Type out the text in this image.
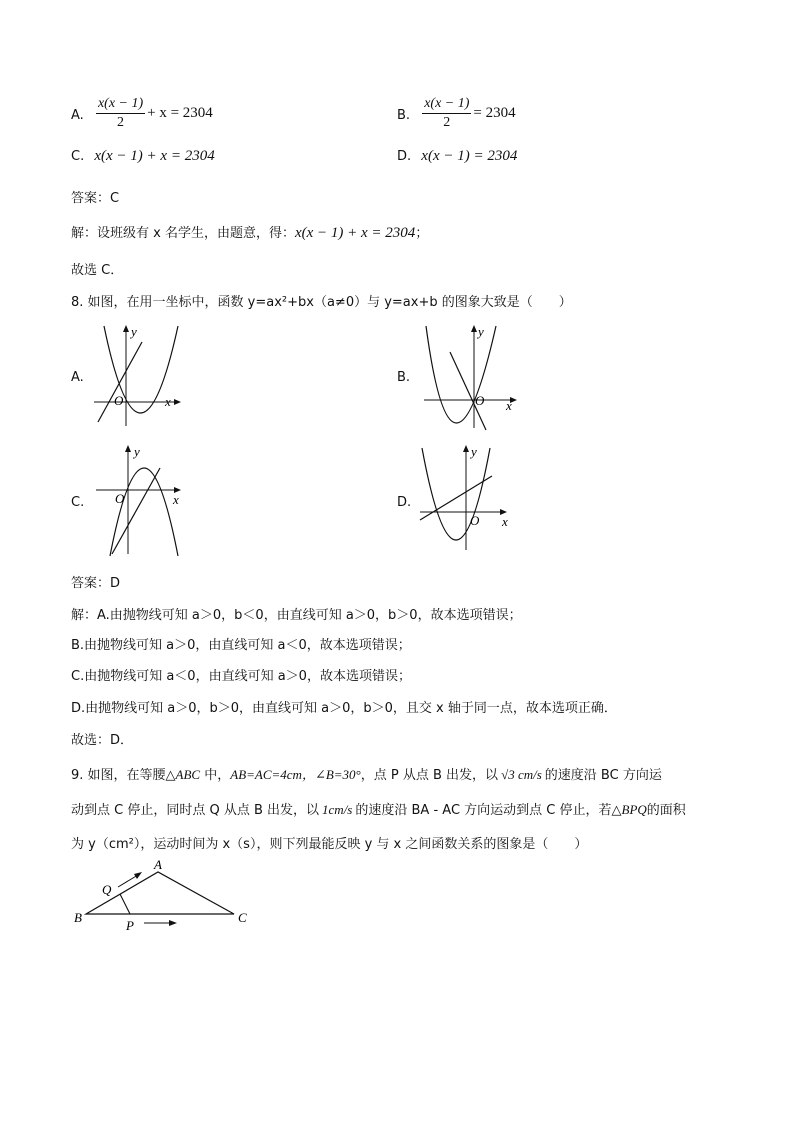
A. $\frac{x(x - 1)}{2} + x = 2304$	B. $\frac{x(x - 1)}{2} = 2304$
C. x(x − 1) + x = 2304	D. x(x − 1) = 2304
答案：C
解：设班级有 x 名学生，由题意，得：x(x − 1) + x = 2304；
故选 C．
8. 如图，在用一坐标中，函数 y=ax²+bx（a≠0）与 y=ax+b 的图象大致是（　　）
A.
y
O	x
B.
y
O x
C.
y
O	x	D.
y
O x
答案：D
解：A.由抛物线可知 a＞0，b＜0，由直线可知 a＞0，b＞0，故本选项错误；
B.由抛物线可知 a＞0，由直线可知 a＜0，故本选项错误；
C.由抛物线可知 a＜0，由直线可知 a＞0，故本选项错误；
D.由抛物线可知 a＞0，b＞0，由直线可知 a＞0，b＞0，且交 x 轴于同一点，故本选项正确．
故选：D．
9. 如图，在等腰△ABC 中，AB=AC=4cm，∠B=30°，点 P 从点 B 出发，以 √3 cm/s 的速度沿 BC 方向运
动到点 C 停止，同时点 Q 从点 B 出发，以 1cm/s 的速度沿 BA - AC 方向运动到点 C 停止，若△BPQ的面积
为 y（cm²），运动时间为 x（s），则下列最能反映 y 与 x 之间函数关系的图象是（　　）
A
B	C
Q
P
